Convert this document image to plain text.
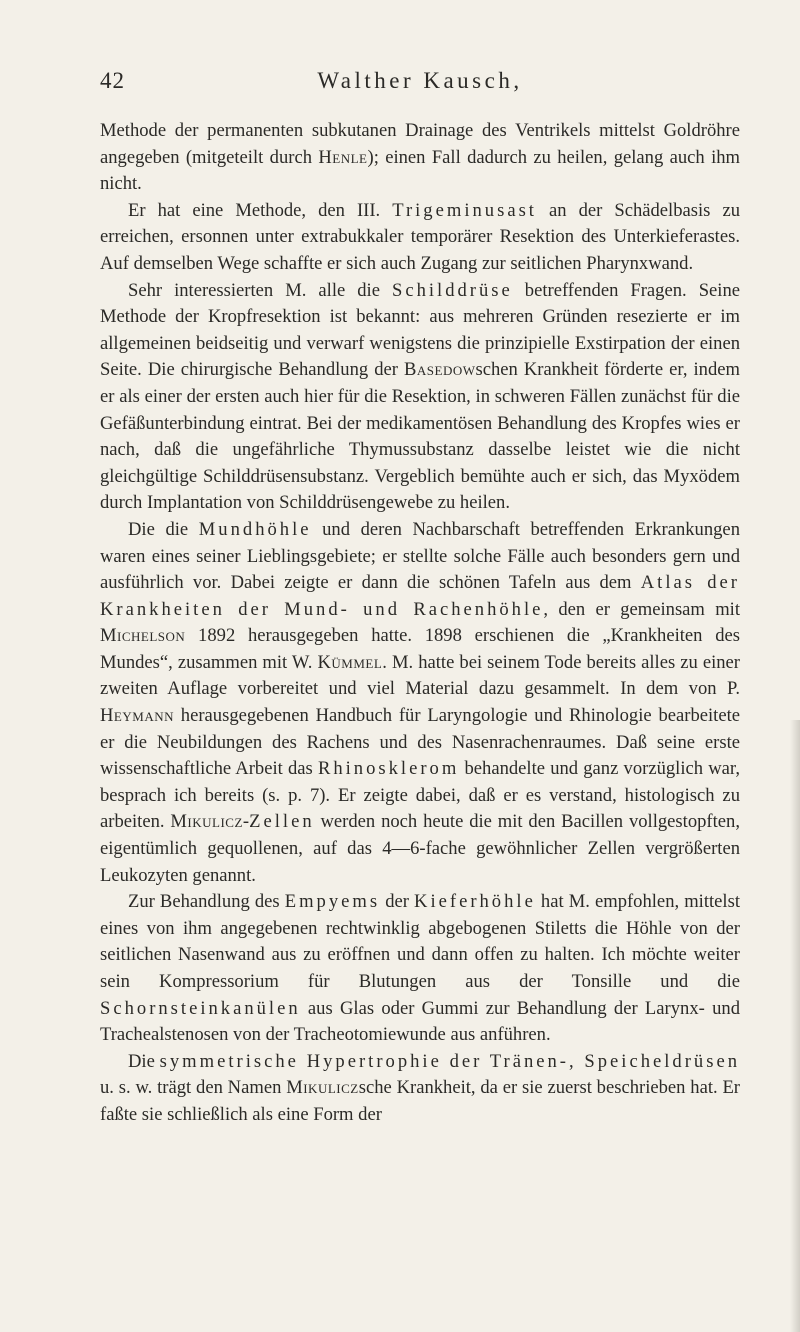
42	Walther Kausch,

Methode der permanenten subkutanen Drainage des Ventrikels mittelst Goldröhre angegeben (mitgeteilt durch Henle); einen Fall dadurch zu heilen, gelang auch ihm nicht.

Er hat eine Methode, den III. Trigeminusast an der Schädelbasis zu erreichen, ersonnen unter extrabukkaler temporärer Resektion des Unterkieferastes. Auf demselben Wege schaffte er sich auch Zugang zur seitlichen Pharynxwand.

Sehr interessierten M. alle die Schilddrüse betreffenden Fragen. Seine Methode der Kropfresektion ist bekannt: aus mehreren Gründen resezierte er im allgemeinen beidseitig und verwarf wenigstens die prinzipielle Exstirpation der einen Seite. Die chirurgische Behandlung der Basedowschen Krankheit förderte er, indem er als einer der ersten auch hier für die Resektion, in schweren Fällen zunächst für die Gefäßunterbindung eintrat. Bei der medikamentösen Behandlung des Kropfes wies er nach, daß die ungefährliche Thymussubstanz dasselbe leistet wie die nicht gleichgültige Schilddrüsensubstanz. Vergeblich bemühte auch er sich, das Myxödem durch Implantation von Schilddrüsengewebe zu heilen.

Die die Mundhöhle und deren Nachbarschaft betreffenden Erkrankungen waren eines seiner Lieblingsgebiete; er stellte solche Fälle auch besonders gern und ausführlich vor. Dabei zeigte er dann die schönen Tafeln aus dem Atlas der Krankheiten der Mund- und Rachenhöhle, den er gemeinsam mit Michelson 1892 herausgegeben hatte. 1898 erschienen die „Krankheiten des Mundes“, zusammen mit W. Kümmel. M. hatte bei seinem Tode bereits alles zu einer zweiten Auflage vorbereitet und viel Material dazu gesammelt. In dem von P. Heymann herausgegebenen Handbuch für Laryngologie und Rhinologie bearbeitete er die Neubildungen des Rachens und des Nasenrachenraumes. Daß seine erste wissenschaftliche Arbeit das Rhinosklerom behandelte und ganz vorzüglich war, besprach ich bereits (s. p. 7). Er zeigte dabei, daß er es verstand, histologisch zu arbeiten. Mikulicz-Zellen werden noch heute die mit den Bacillen vollgestopften, eigentümlich gequollenen, auf das 4—6-fache gewöhnlicher Zellen vergrößerten Leukozyten genannt.

Zur Behandlung des Empyems der Kieferhöhle hat M. empfohlen, mittelst eines von ihm angegebenen rechtwinklig abgebogenen Stiletts die Höhle von der seitlichen Nasenwand aus zu eröffnen und dann offen zu halten. Ich möchte weiter sein Kompressorium für Blutungen aus der Tonsille und die Schornsteinkanülen aus Glas oder Gummi zur Behandlung der Larynx- und Trachealstenosen von der Tracheotomiewunde aus anführen.

Die symmetrische Hypertrophie der Tränen-, Speicheldrüsen u. s. w. trägt den Namen Mikuliczsche Krankheit, da er sie zuerst beschrieben hat. Er faßte sie schließlich als eine Form der
